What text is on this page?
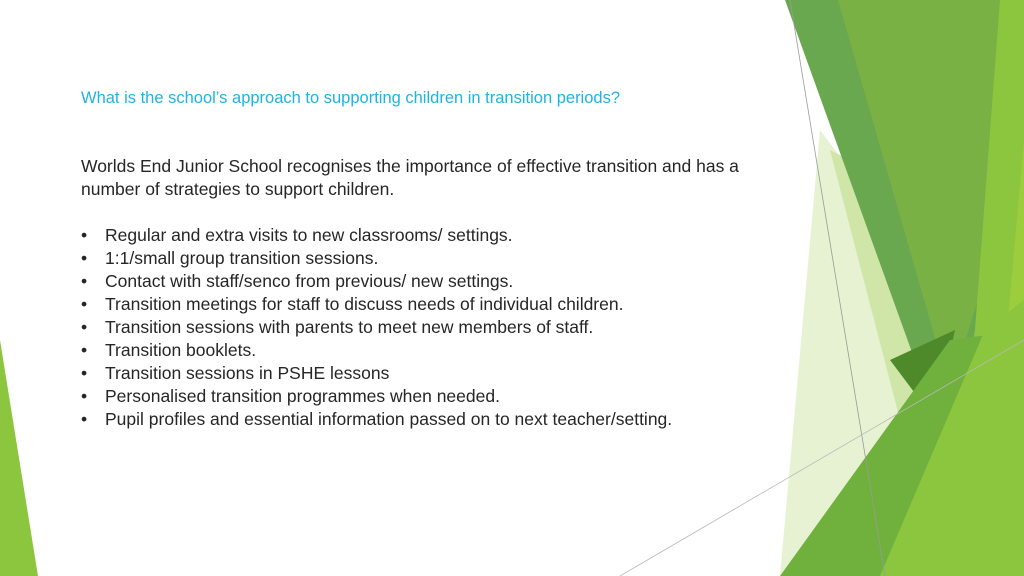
What is the school’s approach to supporting children in transition periods?

Worlds End Junior School recognises the importance of effective transition and has a number of strategies to support children.

• Regular and extra visits to new classrooms/ settings.
• 1:1/small group transition sessions.
• Contact with staff/senco from previous/ new settings.
• Transition meetings for staff to discuss needs of individual children.
• Transition sessions with parents to meet new members of staff.
• Transition booklets.
• Transition sessions in PSHE lessons
• Personalised transition programmes when needed.
• Pupil profiles and essential information passed on to next teacher/setting.
